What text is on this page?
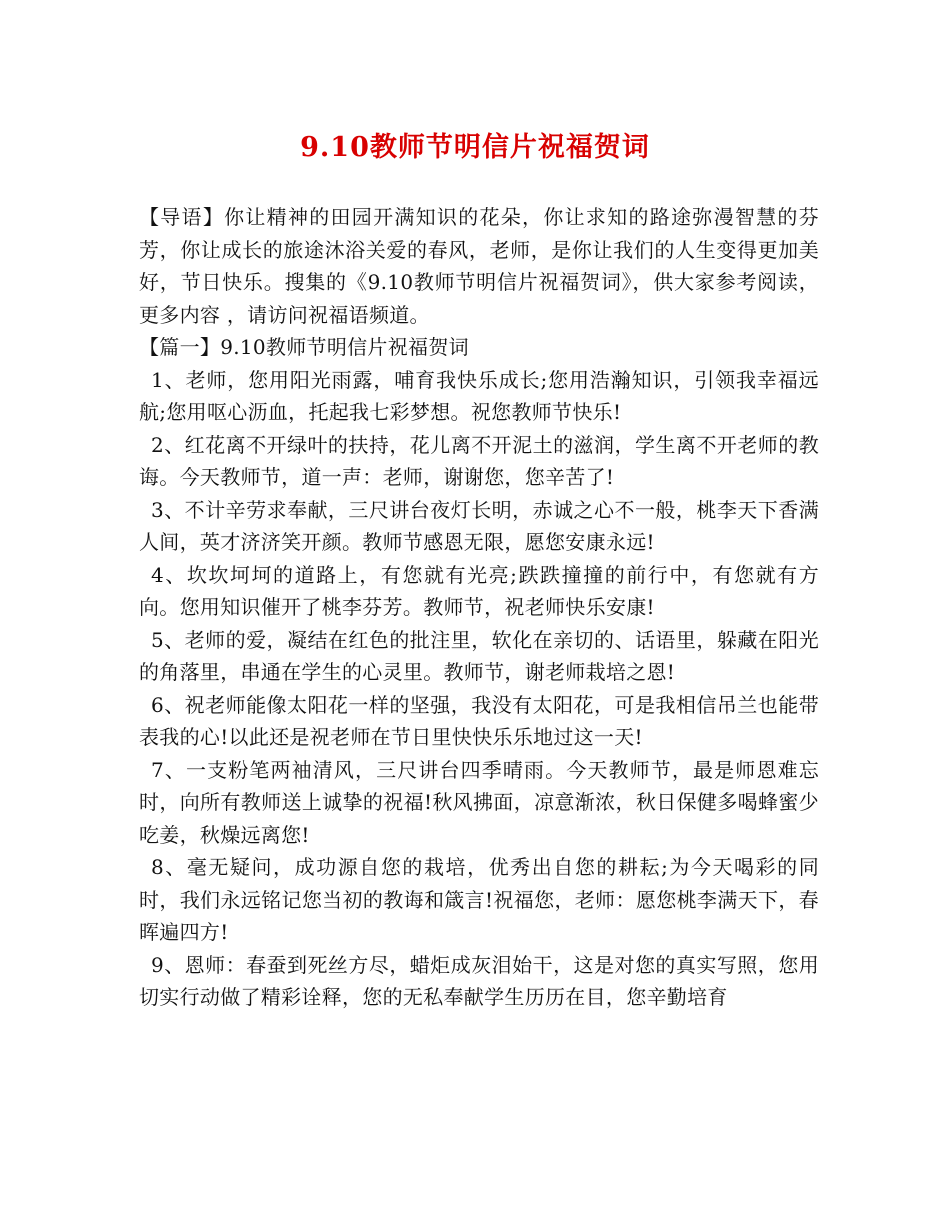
9.10教师节明信片祝福贺词

【导语】你让精神的田园开满知识的花朵，你让求知的路途弥漫智慧的芬芳，你让成长的旅途沐浴关爱的春风，老师，是你让我们的人生变得更加美好，节日快乐。搜集的《9.10教师节明信片祝福贺词》，供大家参考阅读，更多内容 ，请访问祝福语频道。

【篇一】9.10教师节明信片祝福贺词

1、老师，您用阳光雨露，哺育我快乐成长;您用浩瀚知识，引领我幸福远航;您用呕心沥血，托起我七彩梦想。祝您教师节快乐!

2、红花离不开绿叶的扶持，花儿离不开泥土的滋润，学生离不开老师的教诲。今天教师节，道一声：老师，谢谢您，您辛苦了!

3、不计辛劳求奉献，三尺讲台夜灯长明，赤诚之心不一般，桃李天下香满人间，英才济济笑开颜。教师节感恩无限，愿您安康永远!

4、坎坎坷坷的道路上，有您就有光亮;跌跌撞撞的前行中，有您就有方向。您用知识催开了桃李芬芳。教师节，祝老师快乐安康!

5、老师的爱，凝结在红色的批注里，软化在亲切的、话语里，躲藏在阳光的角落里，串通在学生的心灵里。教师节，谢老师栽培之恩!

6、祝老师能像太阳花一样的坚强，我没有太阳花，可是我相信吊兰也能带表我的心!以此还是祝老师在节日里快快乐乐地过这一天!

7、一支粉笔两袖清风，三尺讲台四季晴雨。今天教师节，最是师恩难忘时，向所有教师送上诚挚的祝福!秋风拂面，凉意渐浓，秋日保健多喝蜂蜜少吃姜，秋燥远离您!

8、毫无疑问，成功源自您的栽培，优秀出自您的耕耘;为今天喝彩的同时，我们永远铭记您当初的教诲和箴言!祝福您，老师：愿您桃李满天下，春晖遍四方!

9、恩师：春蚕到死丝方尽，蜡炬成灰泪始干，这是对您的真实写照，您用切实行动做了精彩诠释，您的无私奉献学生历历在目，您辛勤培育
